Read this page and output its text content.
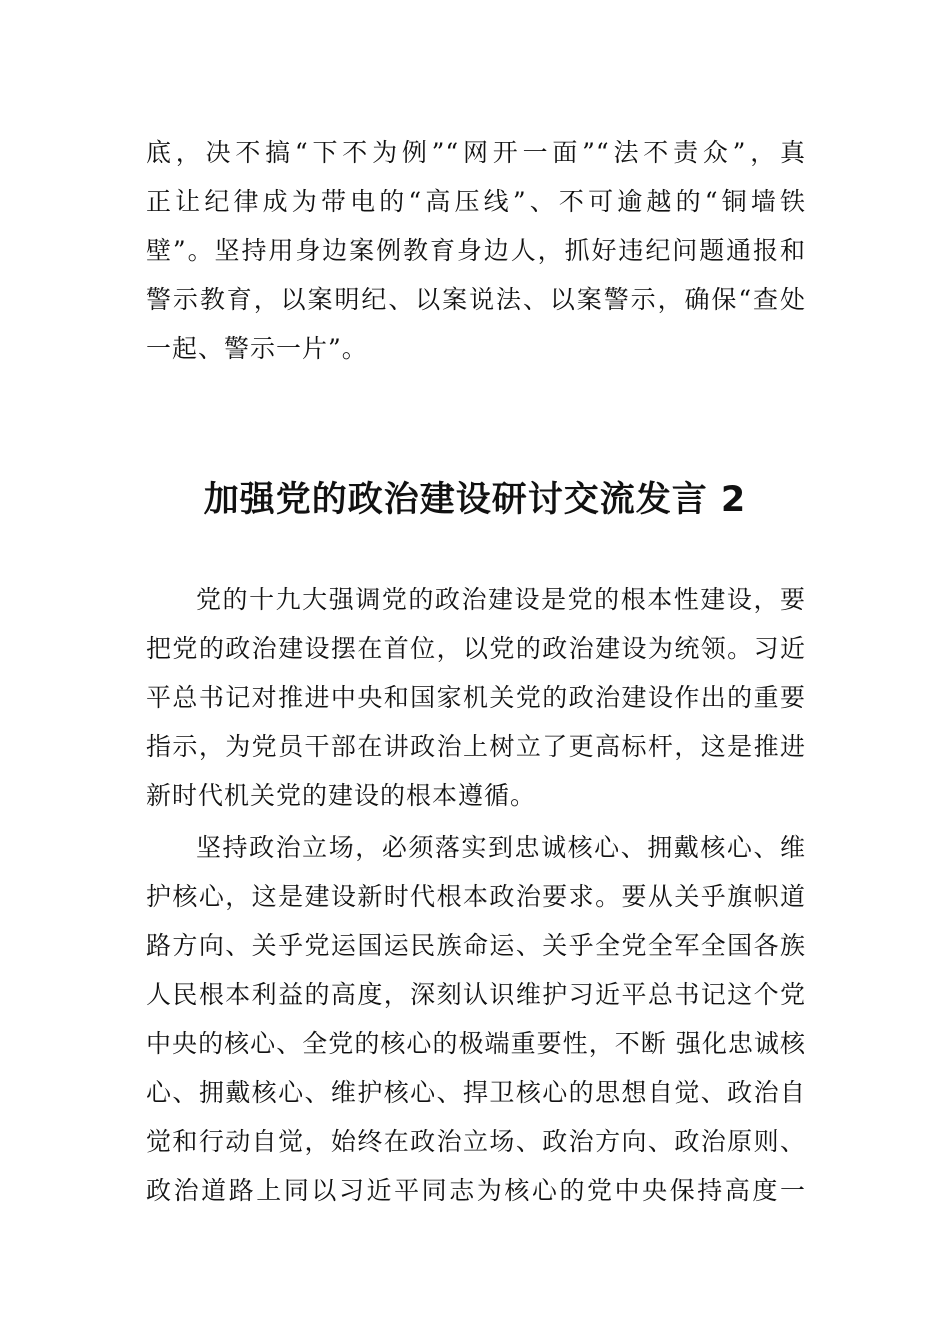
底，决不搞“下不为例”“网开一面”“法不责众”，真
正让纪律成为带电的“高压线”、不可逾越的“铜墙铁
壁”。坚持用身边案例教育身边人，抓好违纪问题通报和
警示教育，以案明纪、以案说法、以案警示，确保“查处
一起、警示一片”。
加强党的政治建设研讨交流发言 2
党的十九大强调党的政治建设是党的根本性建设，要
把党的政治建设摆在首位，以党的政治建设为统领。习近
平总书记对推进中央和国家机关党的政治建设作出的重要
指示，为党员干部在讲政治上树立了更高标杆，这是推进
新时代机关党的建设的根本遵循。
坚持政治立场，必须落实到忠诚核心、拥戴核心、维
护核心，这是建设新时代根本政治要求。要从关乎旗帜道
路方向、关乎党运国运民族命运、关乎全党全军全国各族
人民根本利益的高度，深刻认识维护习近平总书记这个党
中央的核心、全党的核心的极端重要性，不断 强化忠诚核
心、拥戴核心、维护核心、捍卫核心的思想自觉、政治自
觉和行动自觉，始终在政治立场、政治方向、政治原则、
政治道路上同以习近平同志为核心的党中央保持高度一
